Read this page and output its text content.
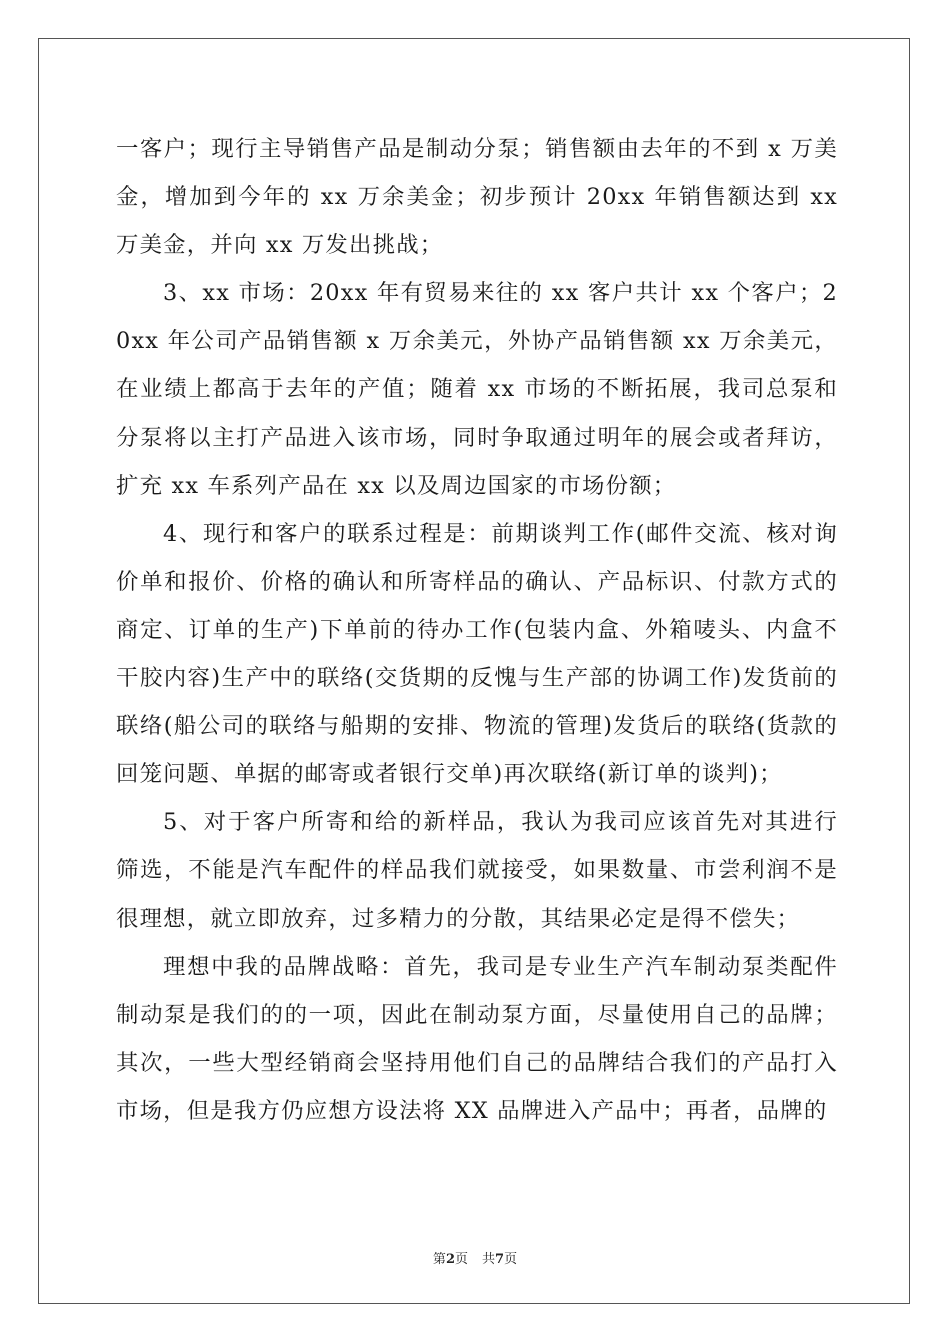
一客户；现行主导销售产品是制动分泵；销售额由去年的不到 x 万美金，增加到今年的 xx 万余美金；初步预计 20xx 年销售额达到 xx 万美金，并向 xx 万发出挑战；

3、xx 市场：20xx 年有贸易来往的 xx 客户共计 xx 个客户；20xx 年公司产品销售额 x 万余美元，外协产品销售额 xx 万余美元，在业绩上都高于去年的产值；随着 xx 市场的不断拓展，我司总泵和分泵将以主打产品进入该市场，同时争取通过明年的展会或者拜访，扩充 xx 车系列产品在 xx 以及周边国家的市场份额；

4、现行和客户的联系过程是：前期谈判工作(邮件交流、核对询价单和报价、价格的确认和所寄样品的确认、产品标识、付款方式的商定、订单的生产)下单前的待办工作(包装内盒、外箱唛头、内盒不干胶内容)生产中的联络(交货期的反愧与生产部的协调工作)发货前的联络(船公司的联络与船期的安排、物流的管理)发货后的联络(货款的回笼问题、单据的邮寄或者银行交单)再次联络(新订单的谈判)；

5、对于客户所寄和给的新样品，我认为我司应该首先对其进行筛选，不能是汽车配件的样品我们就接受，如果数量、市尝利润不是很理想，就立即放弃，过多精力的分散，其结果必定是得不偿失；

理想中我的品牌战略：首先，我司是专业生产汽车制动泵类配件制动泵是我们的的一项，因此在制动泵方面，尽量使用自己的品牌；其次，一些大型经销商会坚持用他们自己的品牌结合我们的产品打入市场，但是我方仍应想方设法将 XX 品牌进入产品中；再者，品牌的

第2页 共7页
